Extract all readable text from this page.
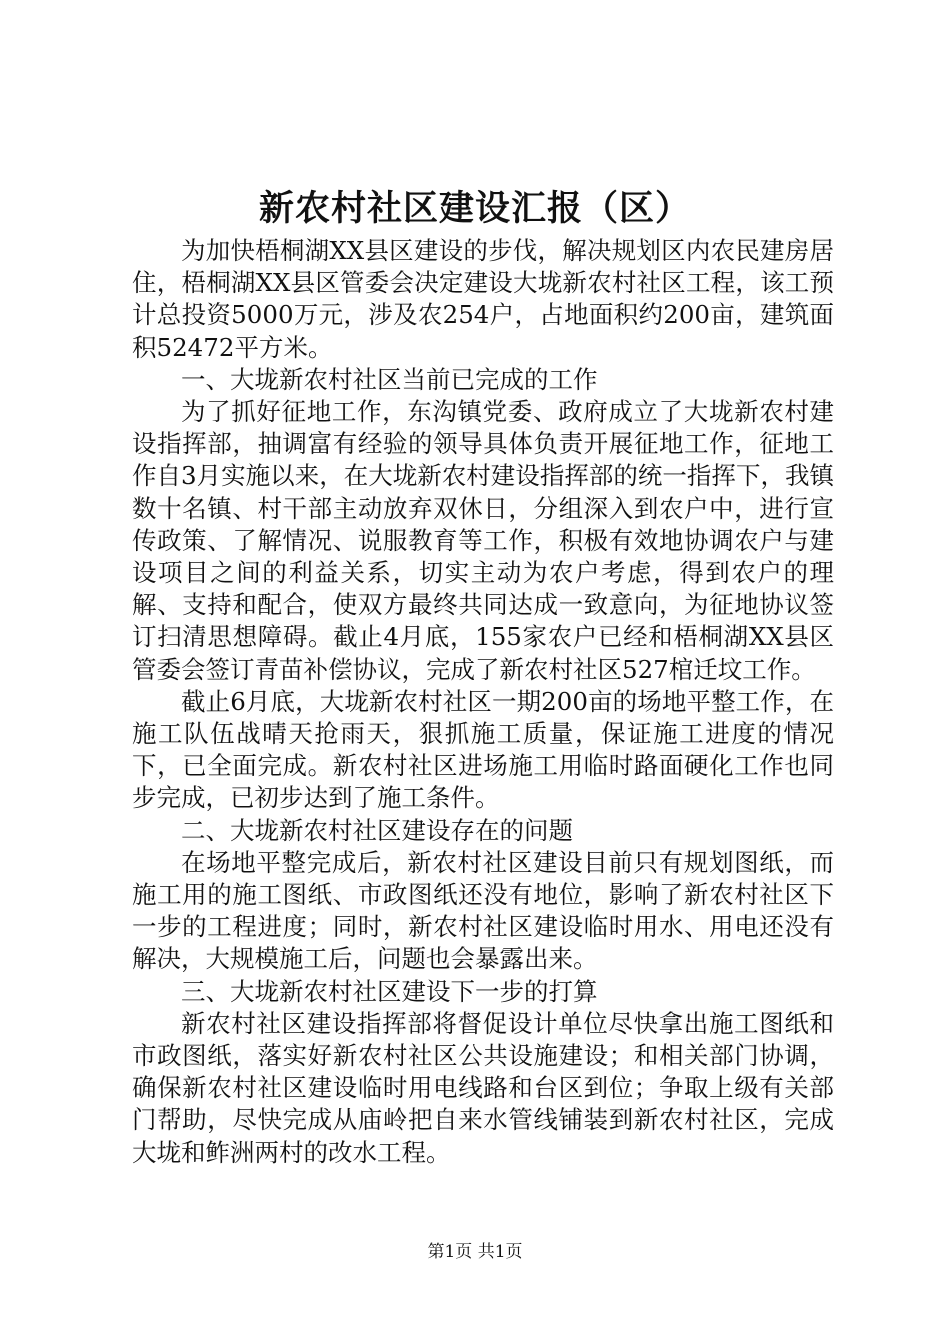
新农村社区建设汇报（区）

为加快梧桐湖XX县区建设的步伐，解决规划区内农民建房居住，梧桐湖XX县区管委会决定建设大垅新农村社区工程，该工预计总投资5000万元，涉及农254户，占地面积约200亩，建筑面积52472平方米。

一、大垅新农村社区当前已完成的工作

为了抓好征地工作，东沟镇党委、政府成立了大垅新农村建设指挥部，抽调富有经验的领导具体负责开展征地工作，征地工作自3月实施以来，在大垅新农村建设指挥部的统一指挥下，我镇数十名镇、村干部主动放弃双休日，分组深入到农户中，进行宣传政策、了解情况、说服教育等工作，积极有效地协调农户与建设项目之间的利益关系，切实主动为农户考虑，得到农户的理解、支持和配合，使双方最终共同达成一致意向，为征地协议签订扫清思想障碍。截止4月底，155家农户已经和梧桐湖XX县区管委会签订青苗补偿协议，完成了新农村社区527棺迁坟工作。

截止6月底，大垅新农村社区一期200亩的场地平整工作，在施工队伍战晴天抢雨天，狠抓施工质量，保证施工进度的情况下，已全面完成。新农村社区进场施工用临时路面硬化工作也同步完成，已初步达到了施工条件。

二、大垅新农村社区建设存在的问题

在场地平整完成后，新农村社区建设目前只有规划图纸，而施工用的施工图纸、市政图纸还没有地位，影响了新农村社区下一步的工程进度；同时，新农村社区建设临时用水、用电还没有解决，大规模施工后，问题也会暴露出来。

三、大垅新农村社区建设下一步的打算

新农村社区建设指挥部将督促设计单位尽快拿出施工图纸和市政图纸，落实好新农村社区公共设施建设；和相关部门协调，确保新农村社区建设临时用电线路和台区到位；争取上级有关部门帮助，尽快完成从庙岭把自来水管线铺装到新农村社区，完成大垅和鲊洲两村的改水工程。

第1页 共1页
